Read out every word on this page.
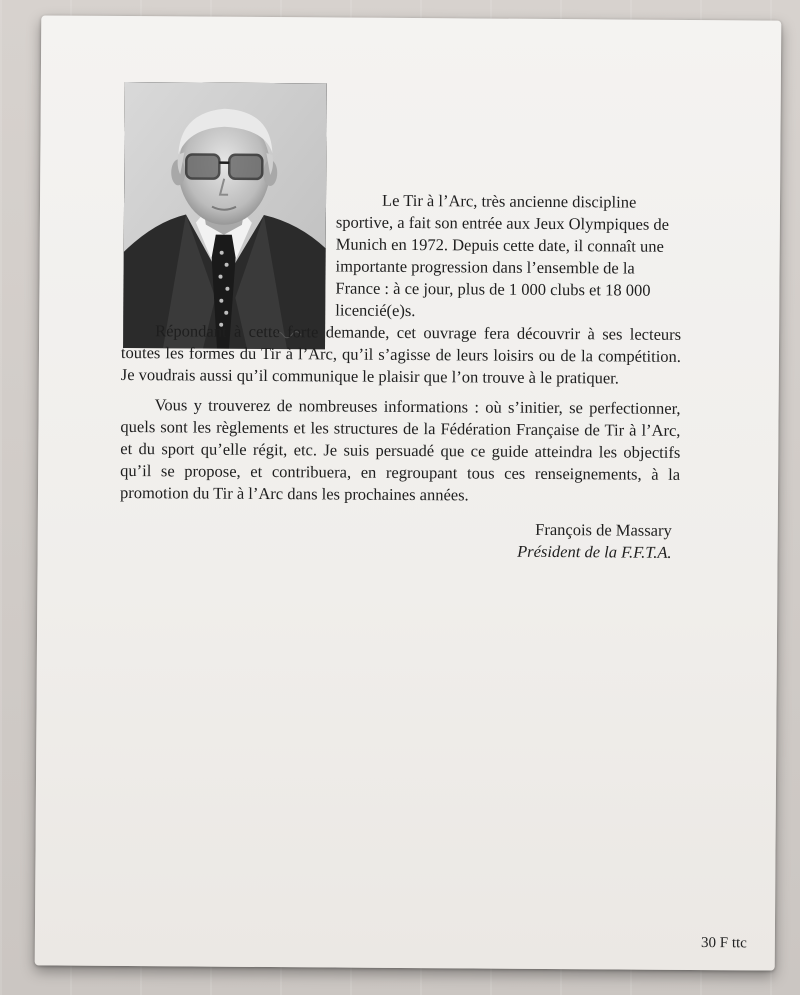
Le Tir à l’Arc, très ancienne discipline sportive, a fait son entrée aux Jeux Olympiques de Munich en 1972. Depuis cette date, il connaît une importante progression dans l’ensemble de la France : à ce jour, plus de 1 000 clubs et 18 000 licencié(e)s.

Répondant à cette forte demande, cet ouvrage fera découvrir à ses lecteurs toutes les formes du Tir à l’Arc, qu’il s’agisse de leurs loisirs ou de la compétition. Je voudrais aussi qu’il communique le plaisir que l’on trouve à le pratiquer.

Vous y trouverez de nombreuses informations : où s’initier, se perfectionner, quels sont les règlements et les structures de la Fédération Française de Tir à l’Arc, et du sport qu’elle régit, etc. Je suis persuadé que ce guide atteindra les objectifs qu’il se propose, et contribuera, en regroupant tous ces renseignements, à la promotion du Tir à l’Arc dans les prochaines années.

François de Massary
Président de la F.F.T.A.
30 F ttc
